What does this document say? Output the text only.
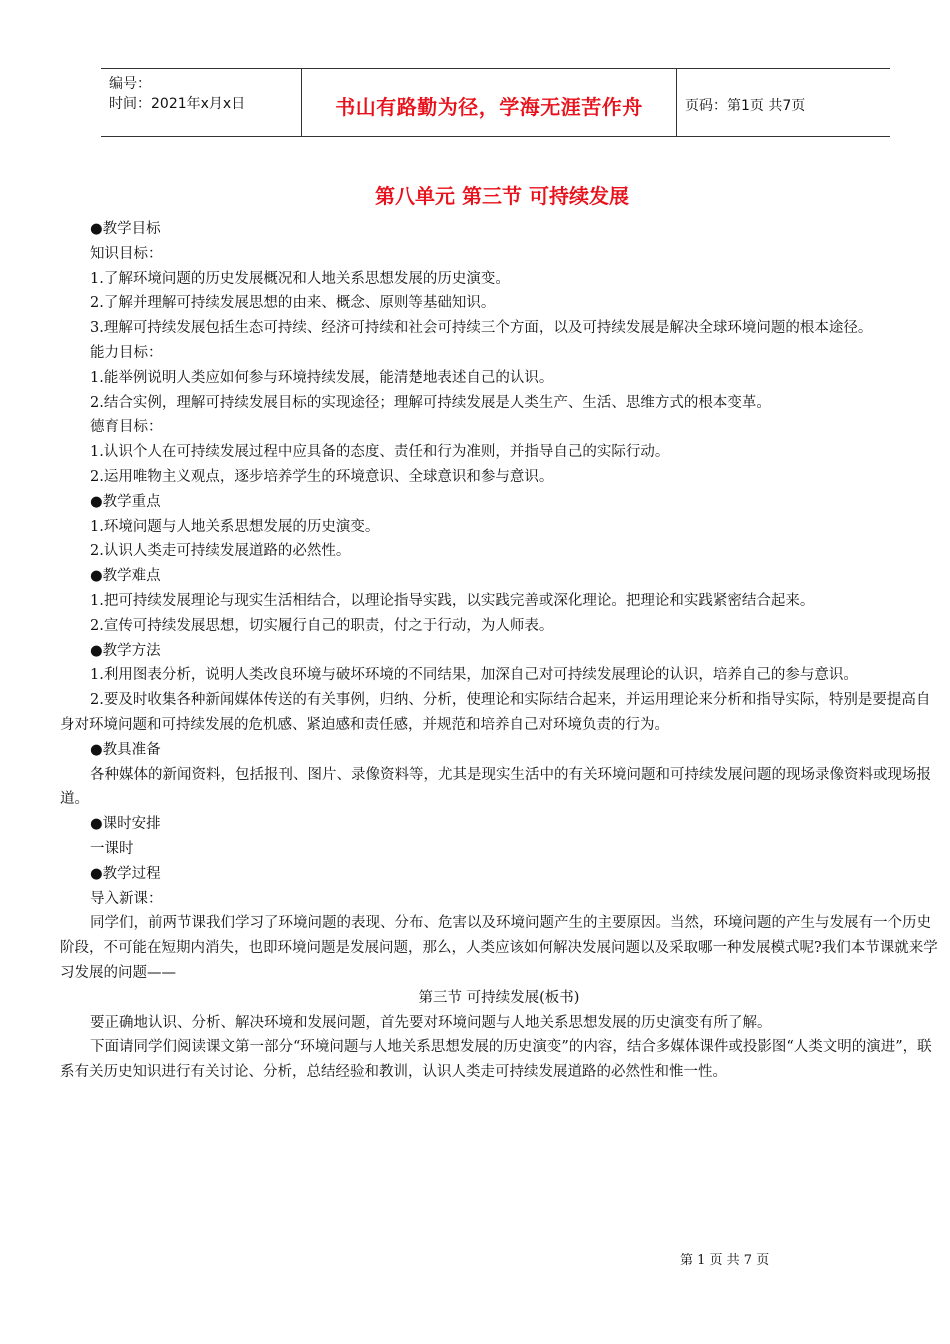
编号：
时间：2021年x月x日	书山有路勤为径，学海无涯苦作舟	页码：第1页 共7页
第八单元 第三节 可持续发展

●教学目标

知识目标：

1.了解环境问题的历史发展概况和人地关系思想发展的历史演变。

2.了解并理解可持续发展思想的由来、概念、原则等基础知识。

3.理解可持续发展包括生态可持续、经济可持续和社会可持续三个方面，以及可持续发展是解决全球环境问题的根本途径。

能力目标：

1.能举例说明人类应如何参与环境持续发展，能清楚地表述自己的认识。

2.结合实例，理解可持续发展目标的实现途径；理解可持续发展是人类生产、生活、思维方式的根本变革。

德育目标：

1.认识个人在可持续发展过程中应具备的态度、责任和行为准则，并指导自己的实际行动。

2.运用唯物主义观点，逐步培养学生的环境意识、全球意识和参与意识。

●教学重点

1.环境问题与人地关系思想发展的历史演变。

2.认识人类走可持续发展道路的必然性。

●教学难点

1.把可持续发展理论与现实生活相结合，以理论指导实践，以实践完善或深化理论。把理论和实践紧密结合起来。

2.宣传可持续发展思想，切实履行自己的职责，付之于行动，为人师表。

●教学方法

1.利用图表分析，说明人类改良环境与破坏环境的不同结果，加深自己对可持续发展理论的认识，培养自己的参与意识。

2.要及时收集各种新闻媒体传送的有关事例，归纳、分析，使理论和实际结合起来，并运用理论来分析和指导实际，特别是要提高自身对环境问题和可持续发展的危机感、紧迫感和责任感，并规范和培养自己对环境负责的行为。

●教具准备

各种媒体的新闻资料，包括报刊、图片、录像资料等，尤其是现实生活中的有关环境问题和可持续发展问题的现场录像资料或现场报道。

●课时安排

一课时

●教学过程

导入新课：

同学们，前两节课我们学习了环境问题的表现、分布、危害以及环境问题产生的主要原因。当然，环境问题的产生与发展有一个历史阶段，不可能在短期内消失，也即环境问题是发展问题，那么，人类应该如何解决发展问题以及采取哪一种发展模式呢?我们本节课就来学习发展的问题——

第三节 可持续发展(板书)

要正确地认识、分析、解决环境和发展问题，首先要对环境问题与人地关系思想发展的历史演变有所了解。

下面请同学们阅读课文第一部分“环境问题与人地关系思想发展的历史演变”的内容，结合多媒体课件或投影图“人类文明的演进”，联系有关历史知识进行有关讨论、分析，总结经验和教训，认识人类走可持续发展道路的必然性和惟一性。

第 1 页 共 7 页
